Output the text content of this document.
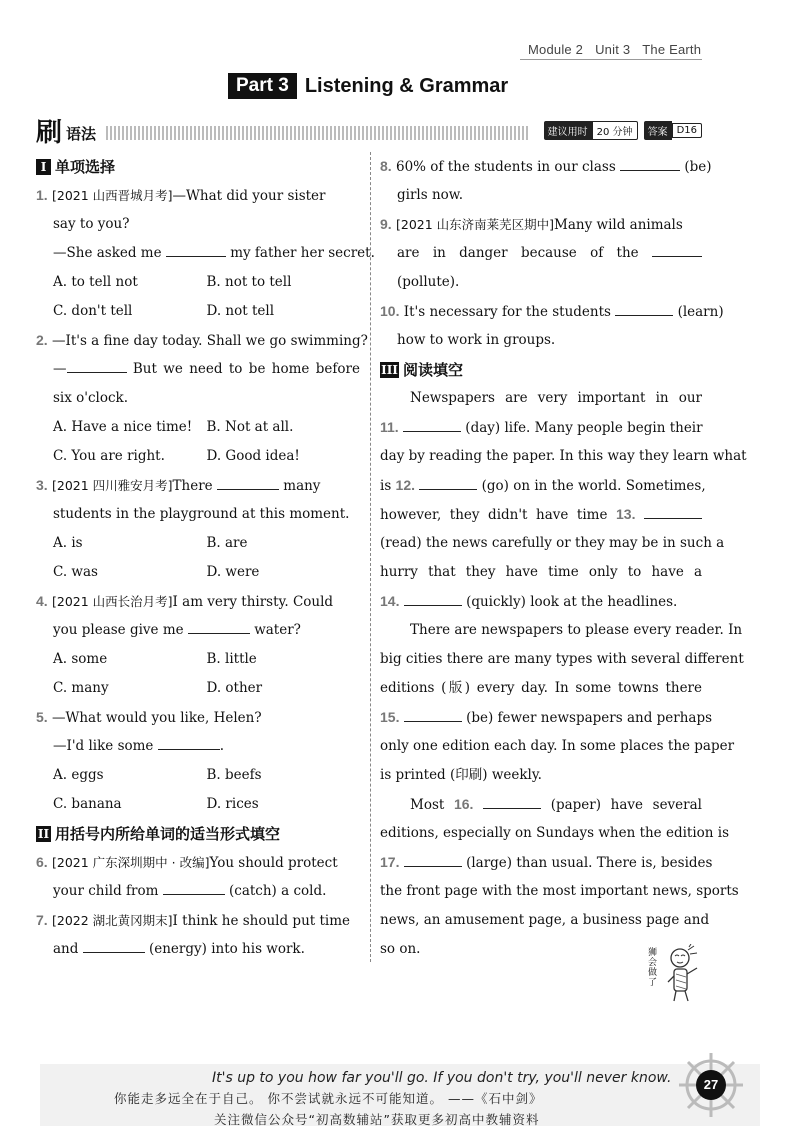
Module 2 Unit 3 The Earth
Part 3 Listening & Grammar
刷 语法	建议用时 20 分钟	答案 D16
I 单项选择
1. [2021 山西晋城月考]—What did your sister
say to you?
—She asked me	my father her secret.
A. to tell not	B. not to tell
C. don't tell	D. not tell
2. —It's a fine day today. Shall we go swimming?
—	But we need to be home before
six o'clock.
A. Have a nice time!	B. Not at all.
C. You are right.	D. Good idea!
3. [2021 四川雅安月考]There	many
students in the playground at this moment.
A. is	B. are
C. was	D. were
4. [2021 山西长治月考]I am very thirsty. Could
you please give me	water?
A. some	B. little
C. many	D. other
5. —What would you like, Helen?
—I'd like some	.
A. eggs	B. beefs
C. banana	D. rices
II 用括号内所给单词的适当形式填空
6. [2021 广东深圳期中 · 改编]You should protect
your child from	(catch) a cold.
7. [2022 湖北黄冈期末]I think he should put time
and	(energy) into his work.
8. 60% of the students in our class	(be)
girls now.
9. [2021 山东济南莱芜区期中]Many wild animals
are in danger because of the
(pollute).
10. It's necessary for the students	(learn)
how to work in groups.
III 阅读填空
Newspapers are very important in our
11.	(day) life. Many people begin their
day by reading the paper. In this way they learn what
is 12.	(go) on in the world. Sometimes,
however, they didn't have time 13.
(read) the news carefully or they may be in such a
hurry that they have time only to have a
14.	(quickly) look at the headlines.
There are newspapers to please every reader. In
big cities there are many types with several different
editions (版) every day. In some towns there
15.	(be) fewer newspapers and perhaps
only one edition each day. In some places the paper
is printed (印刷) weekly.
Most 16.	(paper) have several
editions, especially on Sundays when the edition is
17.	(large) than usual. There is, besides
the front page with the most important news, sports
news, an amusement page, a business page and
so on.	狮会做了
It's up to you how far you'll go. If you don't try, you'll never know.
你能走多远全在于自己。 你不尝试就永远不可能知道。 ——《石中剑》
关注微信公众号“初高数辅站”获取更多初高中教辅资料
27
